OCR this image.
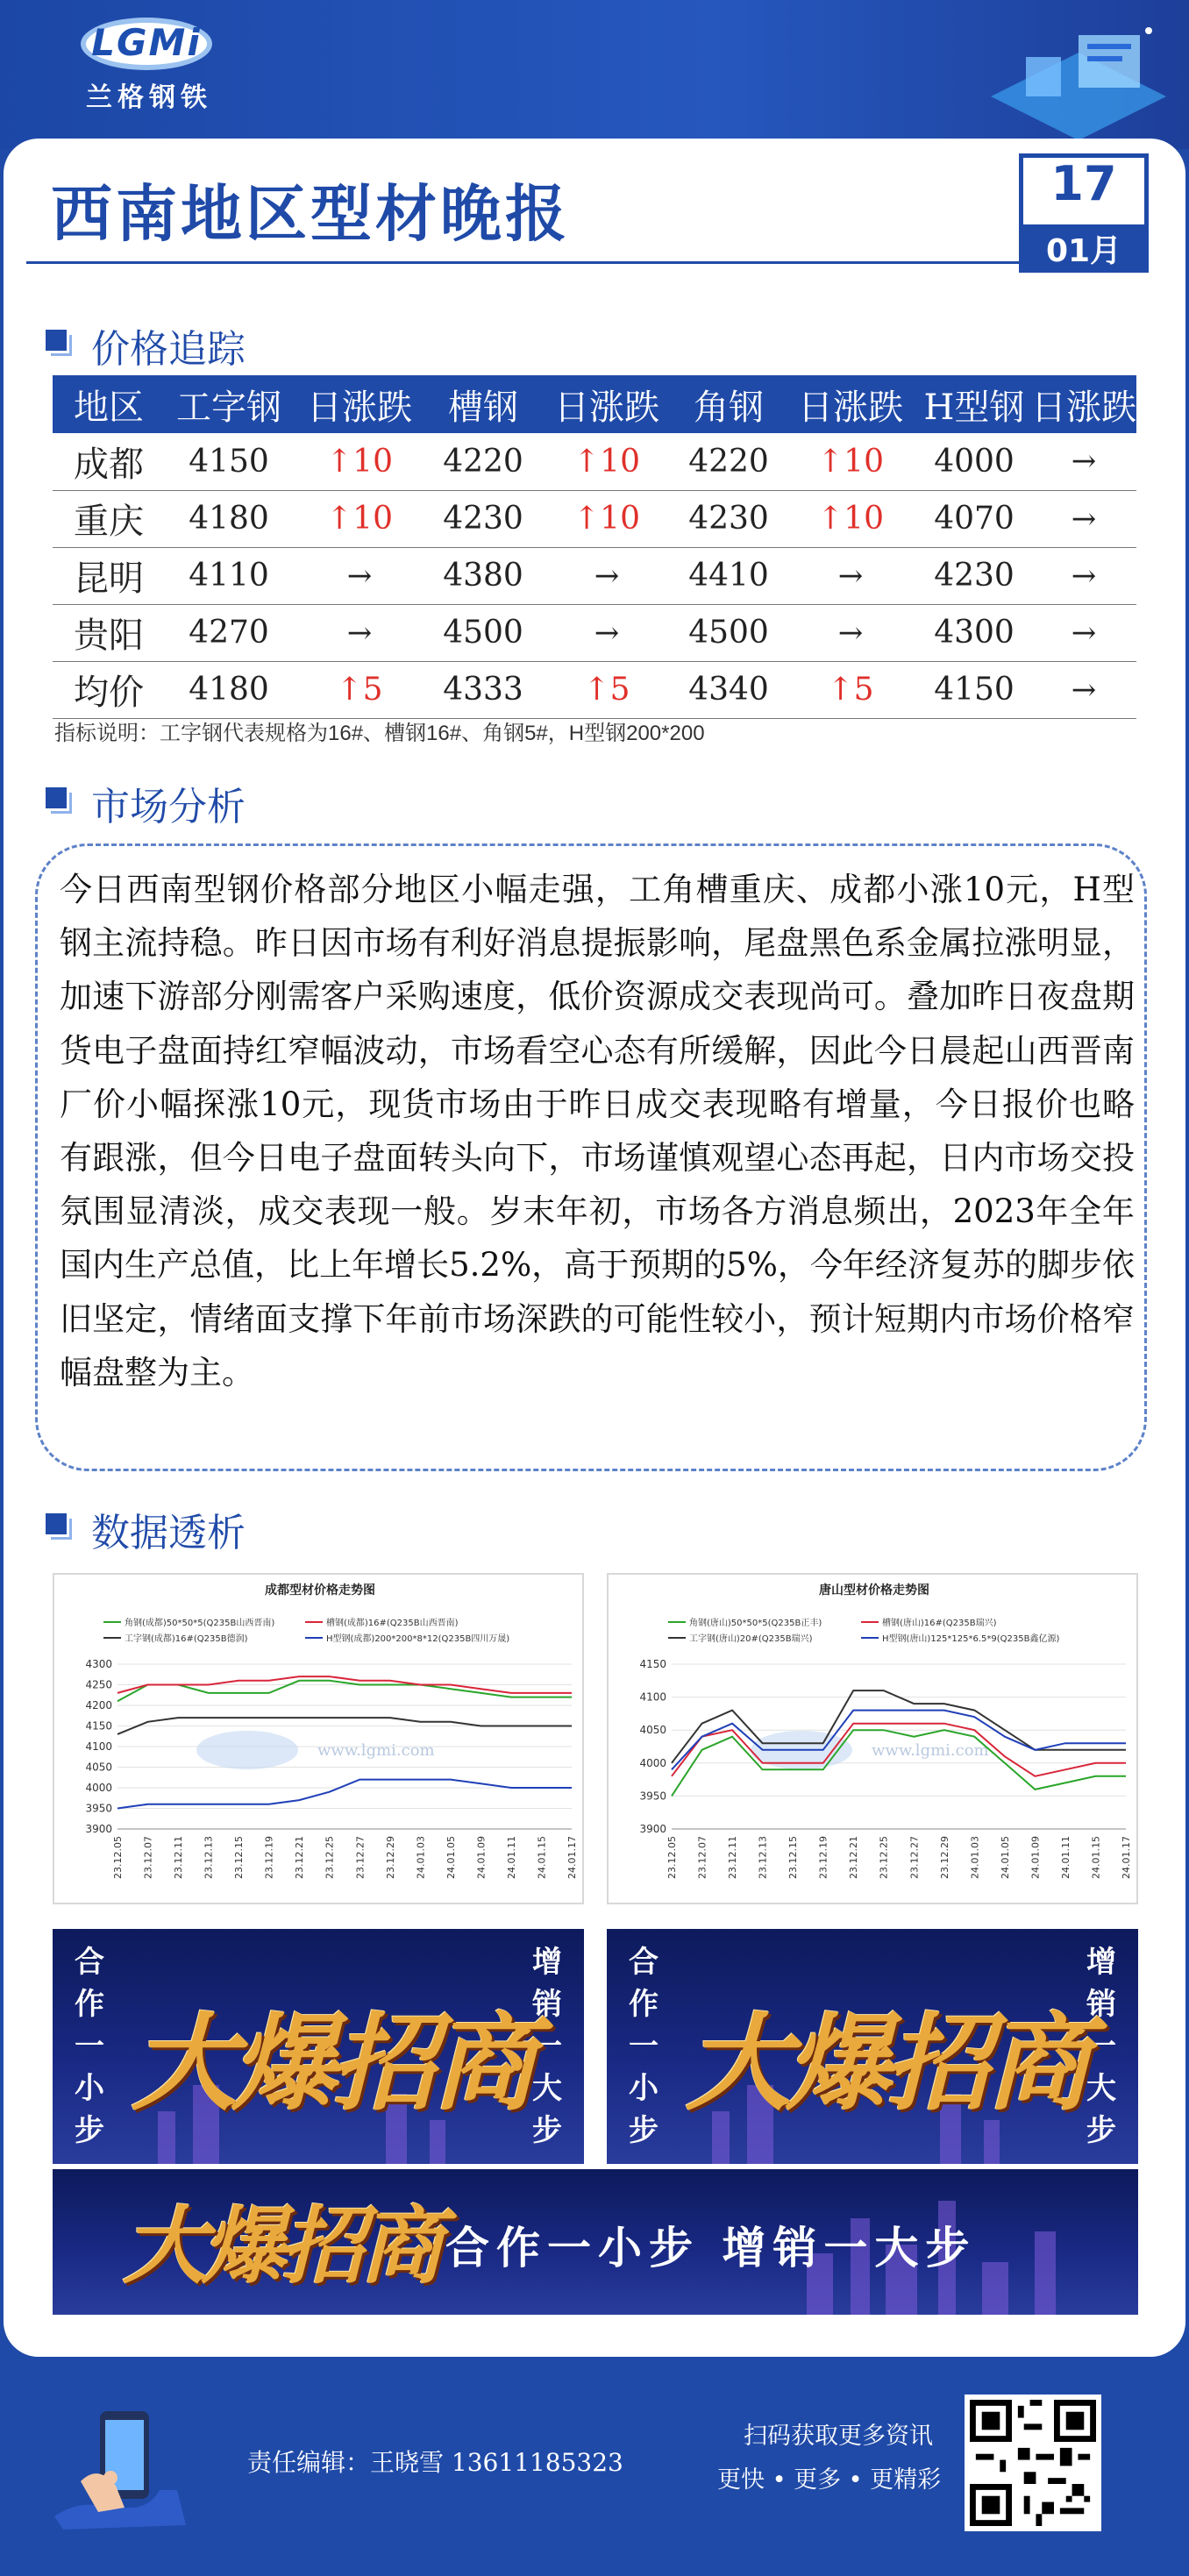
LGMi
兰格钢铁
西南地区型材晚报	17
01月
价格追踪
地区	工字钢	日涨跌	槽钢	日涨跌	角钢	日涨跌	H型钢	日涨跌
成都	4150	↑10	4220	↑10	4220	↑10	4000	→
重庆	4180	↑10	4230	↑10	4230	↑10	4070	→
昆明	4110	→	4380	→	4410	→	4230	→
贵阳	4270	→	4500	→	4500	→	4300	→
均价	4180	↑5	4333	↑5	4340	↑5	4150	→
指标说明：工字钢代表规格为16#、槽钢16#、角钢5#，H型钢200*200
市场分析
今日西南型钢价格部分地区小幅走强，工角槽重庆、成都小涨10元，H型钢主流持稳。昨日因市场有利好消息提振影响，尾盘黑色系金属拉涨明显，加速下游部分刚需客户采购速度，低价资源成交表现尚可。叠加昨日夜盘期货电子盘面持红窄幅波动，市场看空心态有所缓解，因此今日晨起山西晋南厂价小幅探涨10元，现货市场由于昨日成交表现略有增量，今日报价也略有跟涨，但今日电子盘面转头向下，市场谨慎观望心态再起，日内市场交投氛围显清淡，成交表现一般。岁末年初，市场各方消息频出，2023年全年国内生产总值，比上年增长5.2%，高于预期的5%，今年经济复苏的脚步依旧坚定，情绪面支撑下年前市场深跌的可能性较小，预计短期内市场价格窄幅盘整为主。
数据透析
成都型材价格走势图
角钢(成都)50*50*5(Q235B山西晋南)	槽钢(成都)16#(Q235B山西晋南)
工字钢(成都)16#(Q235B德润)	H型钢(成都)200*200*8*12(Q235B四川万晟)
3900
3950
4000
4050
4100
4150
4200
4250
4300
www.lgmi.com
23.12.05 23.12.07 23.12.11 23.12.13 23.12.15 23.12.19 23.12.21 23.12.25 23.12.27 23.12.29 24.01.03 24.01.05 24.01.09 24.01.11 24.01.15 24.01.17
唐山型材价格走势图
角钢(唐山)50*50*5(Q235B正丰)	槽钢(唐山)16#(Q235B瑞兴)
工字钢(唐山)20#(Q235B瑞兴)	H型钢(唐山)125*125*6.5*9(Q235B鑫亿源)
3900
3950
4000
4050
4100
4150
www.lgmi.com
23.12.05 23.12.07 23.12.11 23.12.13 23.12.15 23.12.19 23.12.21 23.12.25 23.12.27 23.12.29 24.01.03 24.01.05 24.01.09 24.01.11 24.01.15 24.01.17
合作一小步
增销一大步
大爆招商
合作一小步
增销一大步
大爆招商
大爆招商 合作一小步 增销一大步
责任编辑：王晓雪 13611185323
扫码获取更多资讯
更快 • 更多 • 更精彩
